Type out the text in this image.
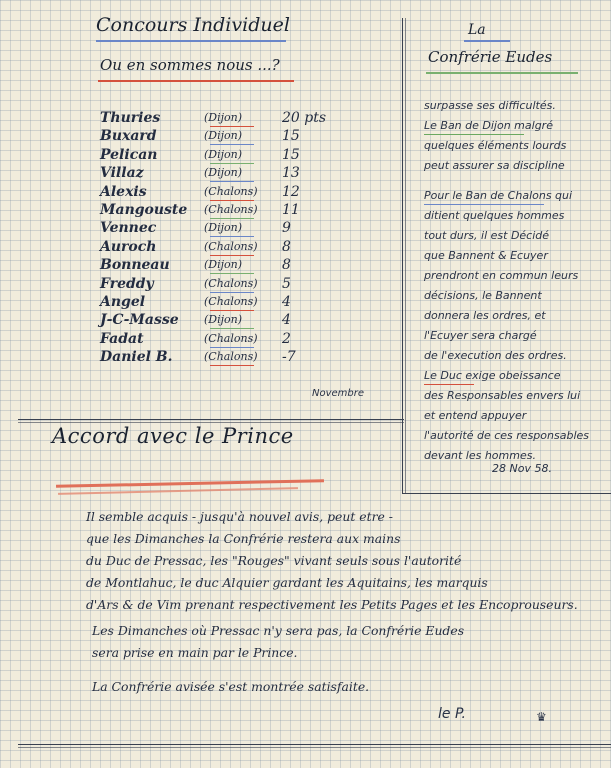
Concours Individuel
Ou en sommes nous ...?
Thuries	(Dijon)	20 pts
Buxard	(Dijon)	15
Pelican	(Dijon)	15
Villaz	(Dijon)	13
Alexis	(Chalons) 12
Mangouste (Chalons) 11
Vennec	(Dijon)	9
Auroch	(Chalons) 8
Bonneau	(Dijon)	8
Freddy	(Chalons) 5
Angel	(Chalons) 4
J-C-Masse (Dijon)	4
Fadat	(Chalons) 2
Daniel B.	(Chalons) -7
Novembre
La
Confrérie Eudes
surpasse ses difficultés.
Le Ban de Dijon malgré
quelques éléments lourds
peut assurer sa discipline
Pour le Ban de Chalons qui
ditient quelques hommes
tout durs, il est Décidé
que Bannent & Ecuyer
prendront en commun leurs
décisions, le Bannent
donnera les ordres, et
l'Ecuyer sera chargé
de l'execution des ordres.
Le Duc exige obeissance
des Responsables envers lui
et entend appuyer
l'autorité de ces responsables
devant les hommes.
28 Nov 58.
Accord avec le Prince
Il semble acquis - jusqu'à nouvel avis, peut etre -
que les Dimanches la Confrérie restera aux mains
du Duc de Pressac, les "Rouges" vivant seuls sous l'autorité
de Montlahuc, le duc Alquier gardant les Aquitains, les marquis
d'Ars & de Vim prenant respectivement les Petits Pages et les Encoprouseurs.
Les Dimanches où Pressac n'y sera pas, la Confrérie Eudes
sera prise en main par le Prince.
La Confrérie avisée s'est montrée satisfaite.
le P.	♛
